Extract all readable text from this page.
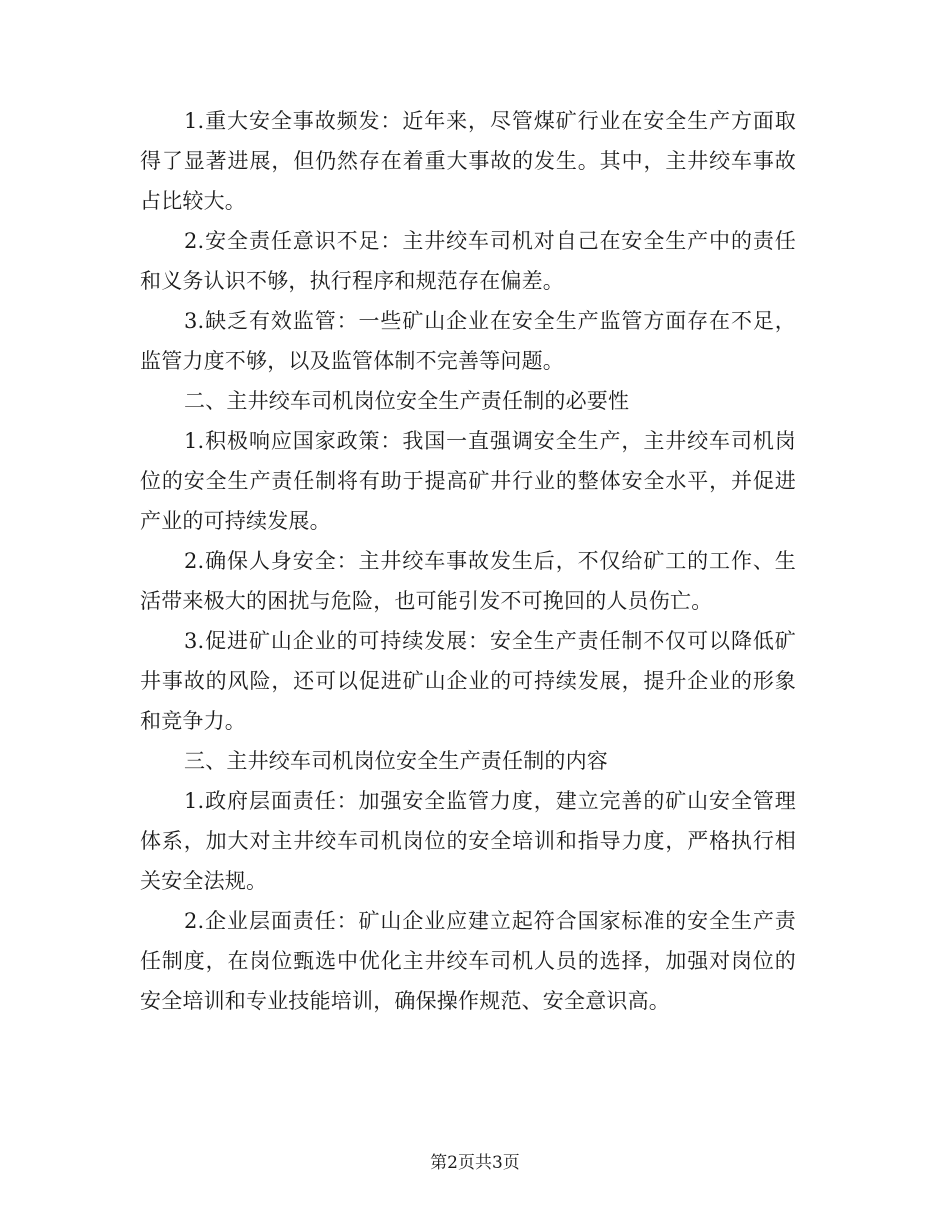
1.重大安全事故频发：近年来，尽管煤矿行业在安全生产方面取得了显著进展，但仍然存在着重大事故的发生。其中，主井绞车事故占比较大。

2.安全责任意识不足：主井绞车司机对自己在安全生产中的责任和义务认识不够，执行程序和规范存在偏差。

3.缺乏有效监管：一些矿山企业在安全生产监管方面存在不足，监管力度不够，以及监管体制不完善等问题。

二、主井绞车司机岗位安全生产责任制的必要性

1.积极响应国家政策：我国一直强调安全生产，主井绞车司机岗位的安全生产责任制将有助于提高矿井行业的整体安全水平，并促进产业的可持续发展。

2.确保人身安全：主井绞车事故发生后，不仅给矿工的工作、生活带来极大的困扰与危险，也可能引发不可挽回的人员伤亡。

3.促进矿山企业的可持续发展：安全生产责任制不仅可以降低矿井事故的风险，还可以促进矿山企业的可持续发展，提升企业的形象和竞争力。

三、主井绞车司机岗位安全生产责任制的内容

1.政府层面责任：加强安全监管力度，建立完善的矿山安全管理体系，加大对主井绞车司机岗位的安全培训和指导力度，严格执行相关安全法规。

2.企业层面责任：矿山企业应建立起符合国家标准的安全生产责任制度，在岗位甄选中优化主井绞车司机人员的选择，加强对岗位的安全培训和专业技能培训，确保操作规范、安全意识高。

第2页共3页
